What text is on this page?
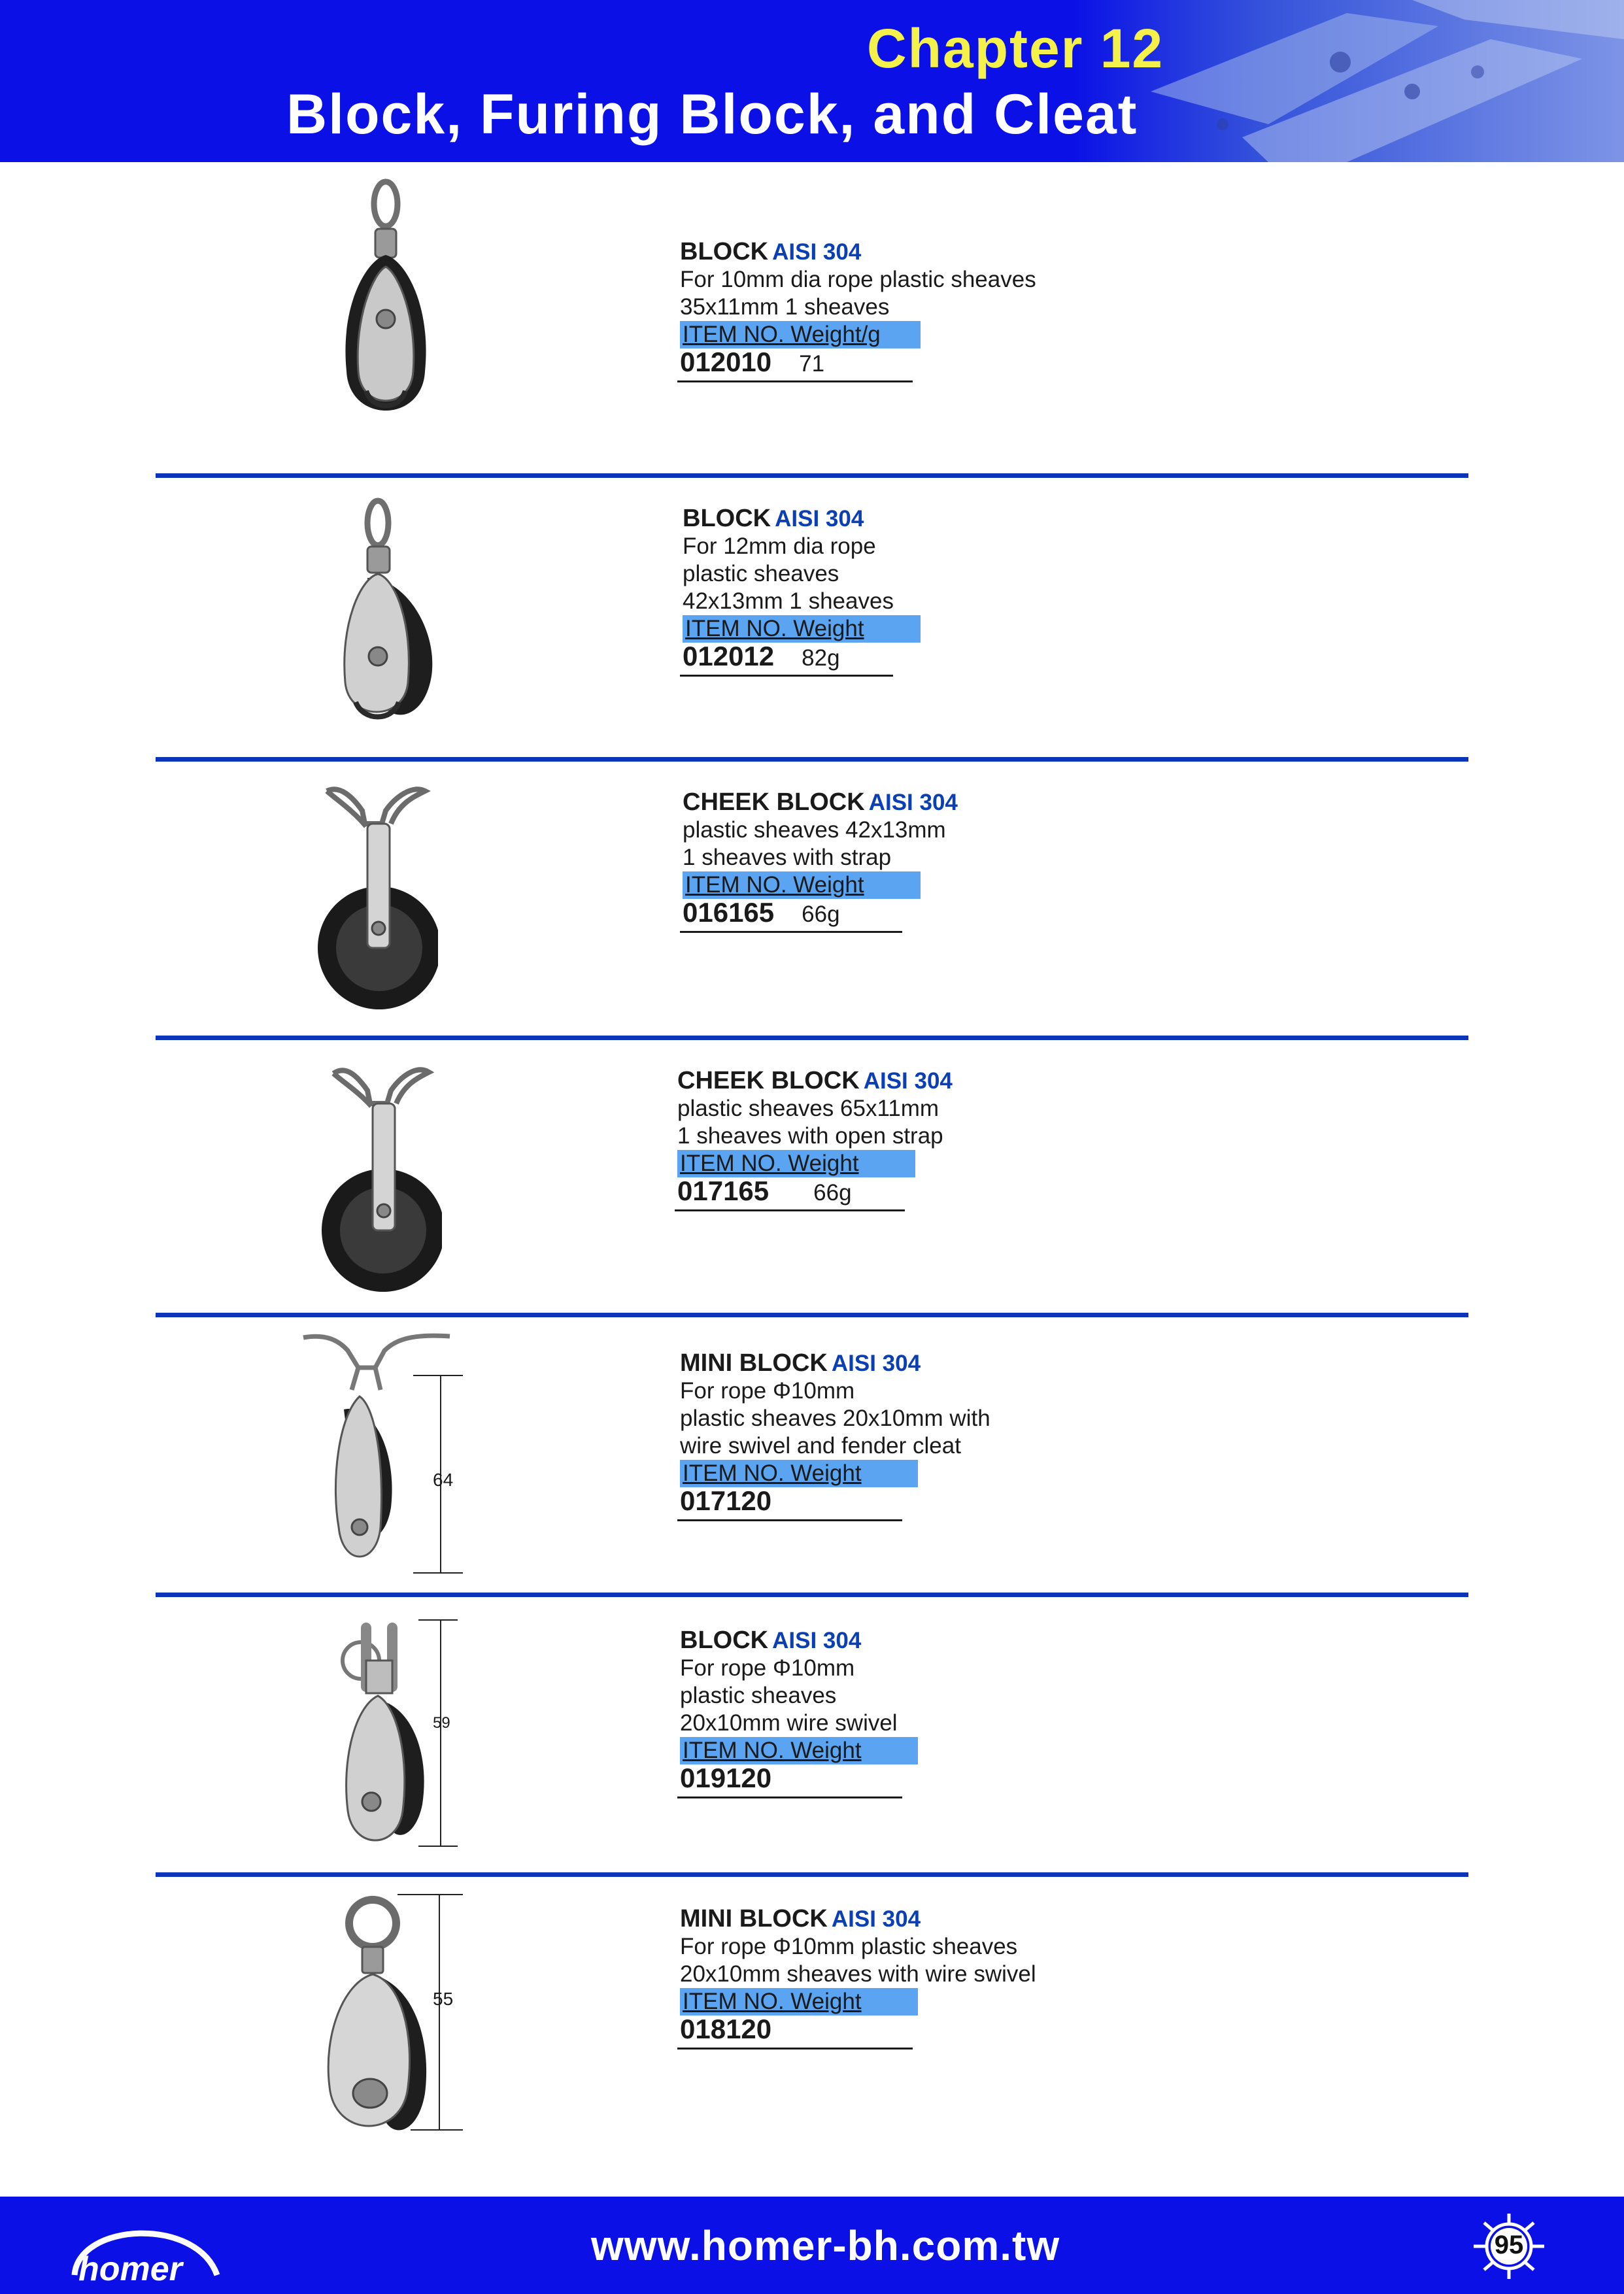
Chapter 12
Block, Furing Block, and Cleat
BLOCK AISI 304
For 10mm dia rope plastic sheaves
35x11mm 1 sheaves
ITEM NO. Weight/g
012010 71
BLOCK AISI 304
For 12mm dia rope
plastic sheaves
42x13mm 1 sheaves
ITEM NO. Weight
012012 82g
CHEEK BLOCK AISI 304
plastic sheaves 42x13mm
1 sheaves with strap
ITEM NO. Weight
016165 66g
CHEEK BLOCK AISI 304
plastic sheaves 65x11mm
1 sheaves with open strap
ITEM NO. Weight
017165 66g
64
MINI BLOCK AISI 304
For rope Φ10mm
plastic sheaves 20x10mm with
wire swivel and fender cleat
ITEM NO. Weight
017120
59
BLOCK AISI 304
For rope Φ10mm
plastic sheaves
20x10mm wire swivel
ITEM NO. Weight
019120
55
MINI BLOCK AISI 304
For rope Φ10mm plastic sheaves
20x10mm sheaves with wire swivel
ITEM NO. Weight
018120
homer	www.homer-bh.com.tw	95
